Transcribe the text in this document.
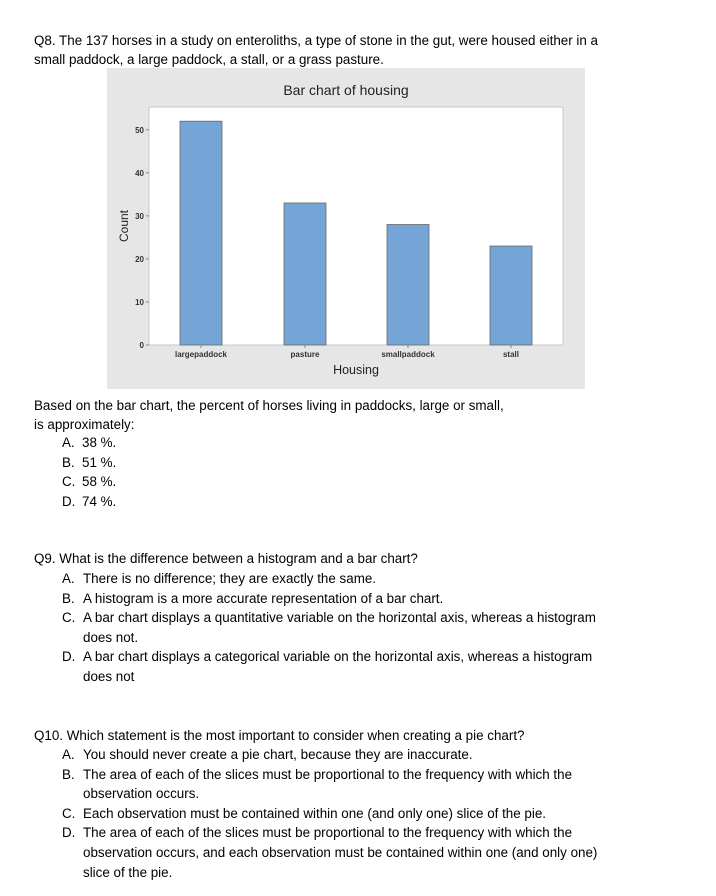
Q8. The 137 horses in a study on enteroliths, a type of stone in the gut, were housed either in a
small paddock, a large paddock, a stall, or a grass pasture.
Bar chart of housing
0
10
20
30
40
50
largepaddock	pasture	smallpaddock	stall
Housing
Count
Based on the bar chart, the percent of horses living in paddocks, large or small,
is approximately:
A. 38 %.
B. 51 %.
C. 58 %.
D. 74 %.
Q9. What is the difference between a histogram and a bar chart?
A. There is no difference; they are exactly the same.
B. A histogram is a more accurate representation of a bar chart.
C. A bar chart displays a quantitative variable on the horizontal axis, whereas a histogram
does not.
D. A bar chart displays a categorical variable on the horizontal axis, whereas a histogram
does not
Q10. Which statement is the most important to consider when creating a pie chart?
A. You should never create a pie chart, because they are inaccurate.
B. The area of each of the slices must be proportional to the frequency with which the
observation occurs.
C. Each observation must be contained within one (and only one) slice of the pie.
D. The area of each of the slices must be proportional to the frequency with which the
observation occurs, and each observation must be contained within one (and only one)
slice of the pie.
